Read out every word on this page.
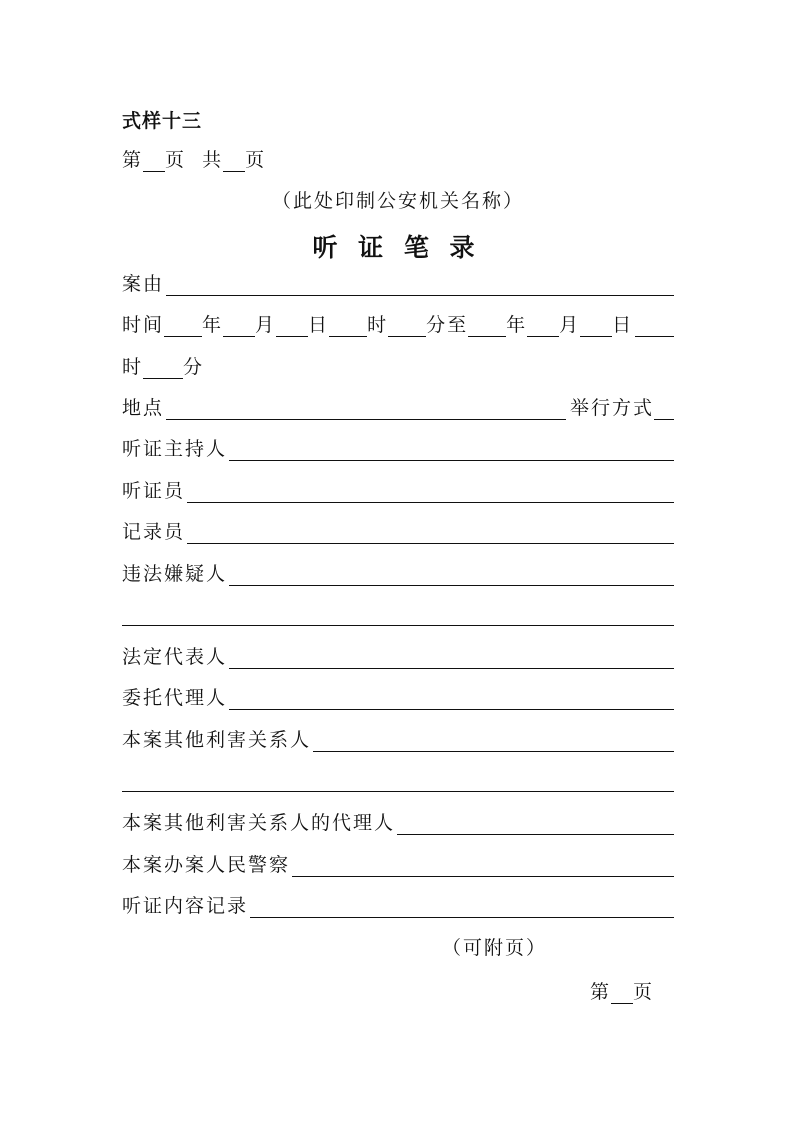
式样十三
第 页  共 页
（此处印制公安机关名称）
听 证 笔 录
案由
时间 年 月 日 时 分至 年 月 日
时 分
地点	举行方式
听证主持人
听证员
记录员
违法嫌疑人
法定代表人
委托代理人
本案其他利害关系人
本案其他利害关系人的代理人
本案办案人民警察
听证内容记录
（可附页）
第 页
